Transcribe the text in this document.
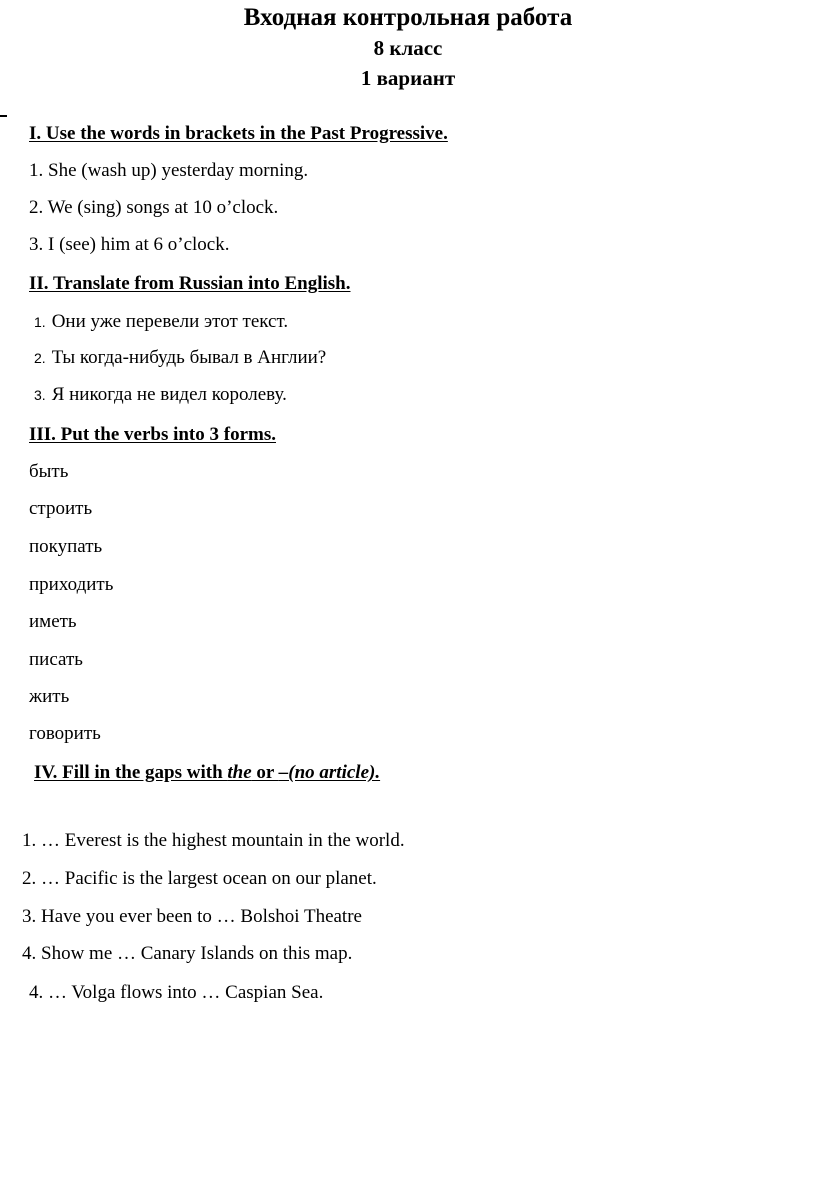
Входная контрольная работа
8 класс
1 вариант
I. Use the words in brackets in the Past Progressive.
1. She (wash up) yesterday morning.
2. We (sing) songs at 10 o’clock.
3. I (see) him at 6 o’clock.
II. Translate from Russian into English.
1. Они уже перевели этот текст.
2. Ты когда-нибудь бывал в Англии?
3. Я никогда не видел королеву.
III. Put the verbs into 3 forms.
быть
строить
покупать
приходить
иметь
писать
жить
говорить
IV. Fill in the gaps with the or –(no article).
1. … Everest is the highest mountain in the world.
2. … Pacific is the largest ocean on our planet.
3. Have you ever been to … Bolshoi Theatre
4. Show me … Canary Islands on this map.
4. … Volga flows into … Caspian Sea.
